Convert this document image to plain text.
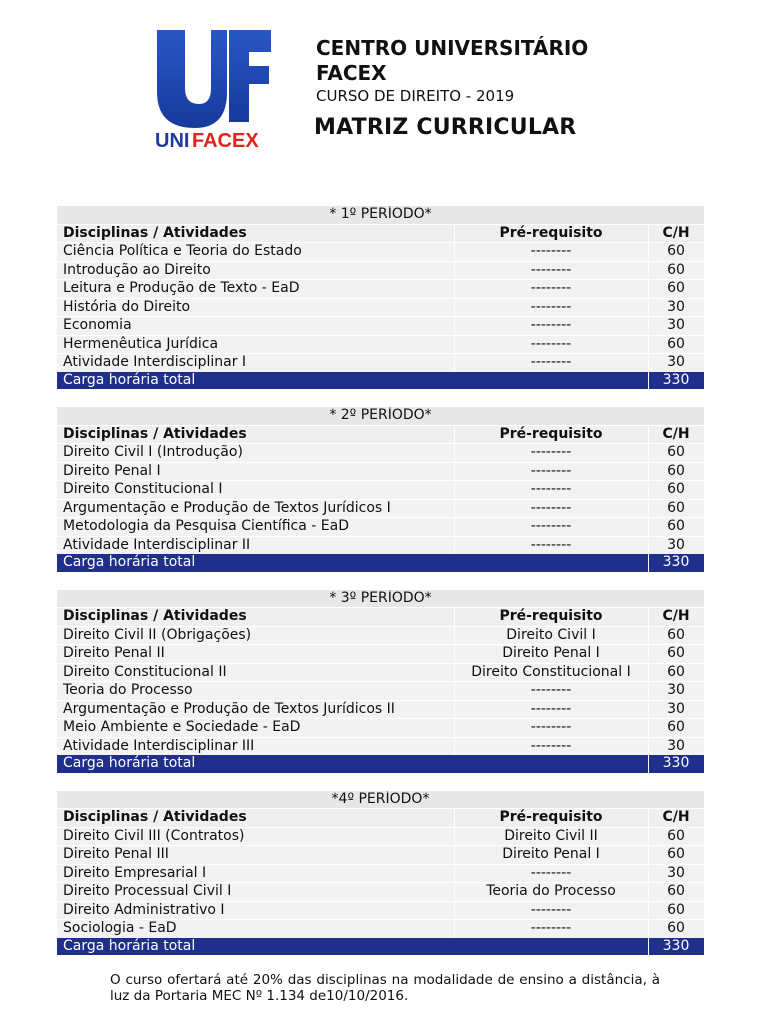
UNI FACEX

CENTRO UNIVERSITÁRIO FACEX

CURSO DE DIREITO - 2019

MATRIZ CURRICULAR

* 1º PERÍODO*		
Disciplinas / Atividades	Pré-requisito	C/H
Ciência Política e Teoria do Estado	--------	60
Introdução ao Direito	--------	60
Leitura e Produção de Texto - EaD	--------	60
História do Direito	--------	30
Economia	--------	30
Hermenêutica Jurídica	--------	60
Atividade Interdisciplinar I	--------	30
Carga horária total		330
* 2º PERÌODO*		
Disciplinas / Atividades	Pré-requisito	C/H
Direito Civil I (Introdução)	--------	60
Direito Penal I	--------	60
Direito Constitucional I	--------	60
Argumentação e Produção de Textos Jurídicos I	--------	60
Metodologia da Pesquisa Científica - EaD	--------	60
Atividade Interdisciplinar II	--------	30
Carga horária total		330
* 3º PERÌODO*		
Disciplinas / Atividades	Pré-requisito	C/H
Direito Civil II (Obrigações)	Direito Civil I	60
Direito Penal II	Direito Penal I	60
Direito Constitucional II	Direito Constitucional I	60
Teoria do Processo	--------	30
Argumentação e Produção de Textos Jurídicos II	--------	30
Meio Ambiente e Sociedade - EaD	--------	60
Atividade Interdisciplinar III	--------	30
Carga horária total		330
*4º PERÍODO*		
Disciplinas / Atividades	Pré-requisito	C/H
Direito Civil III (Contratos)	Direito Civil II	60
Direito Penal III	Direito Penal I	60
Direito Empresarial I	--------	30
Direito Processual Civil I	Teoria do Processo	60
Direito Administrativo I	--------	60
Sociologia - EaD	--------	60
Carga horária total		330

O curso ofertará até 20% das disciplinas na modalidade de ensino a distância, à luz da Portaria MEC Nº 1.134 de10/10/2016.
